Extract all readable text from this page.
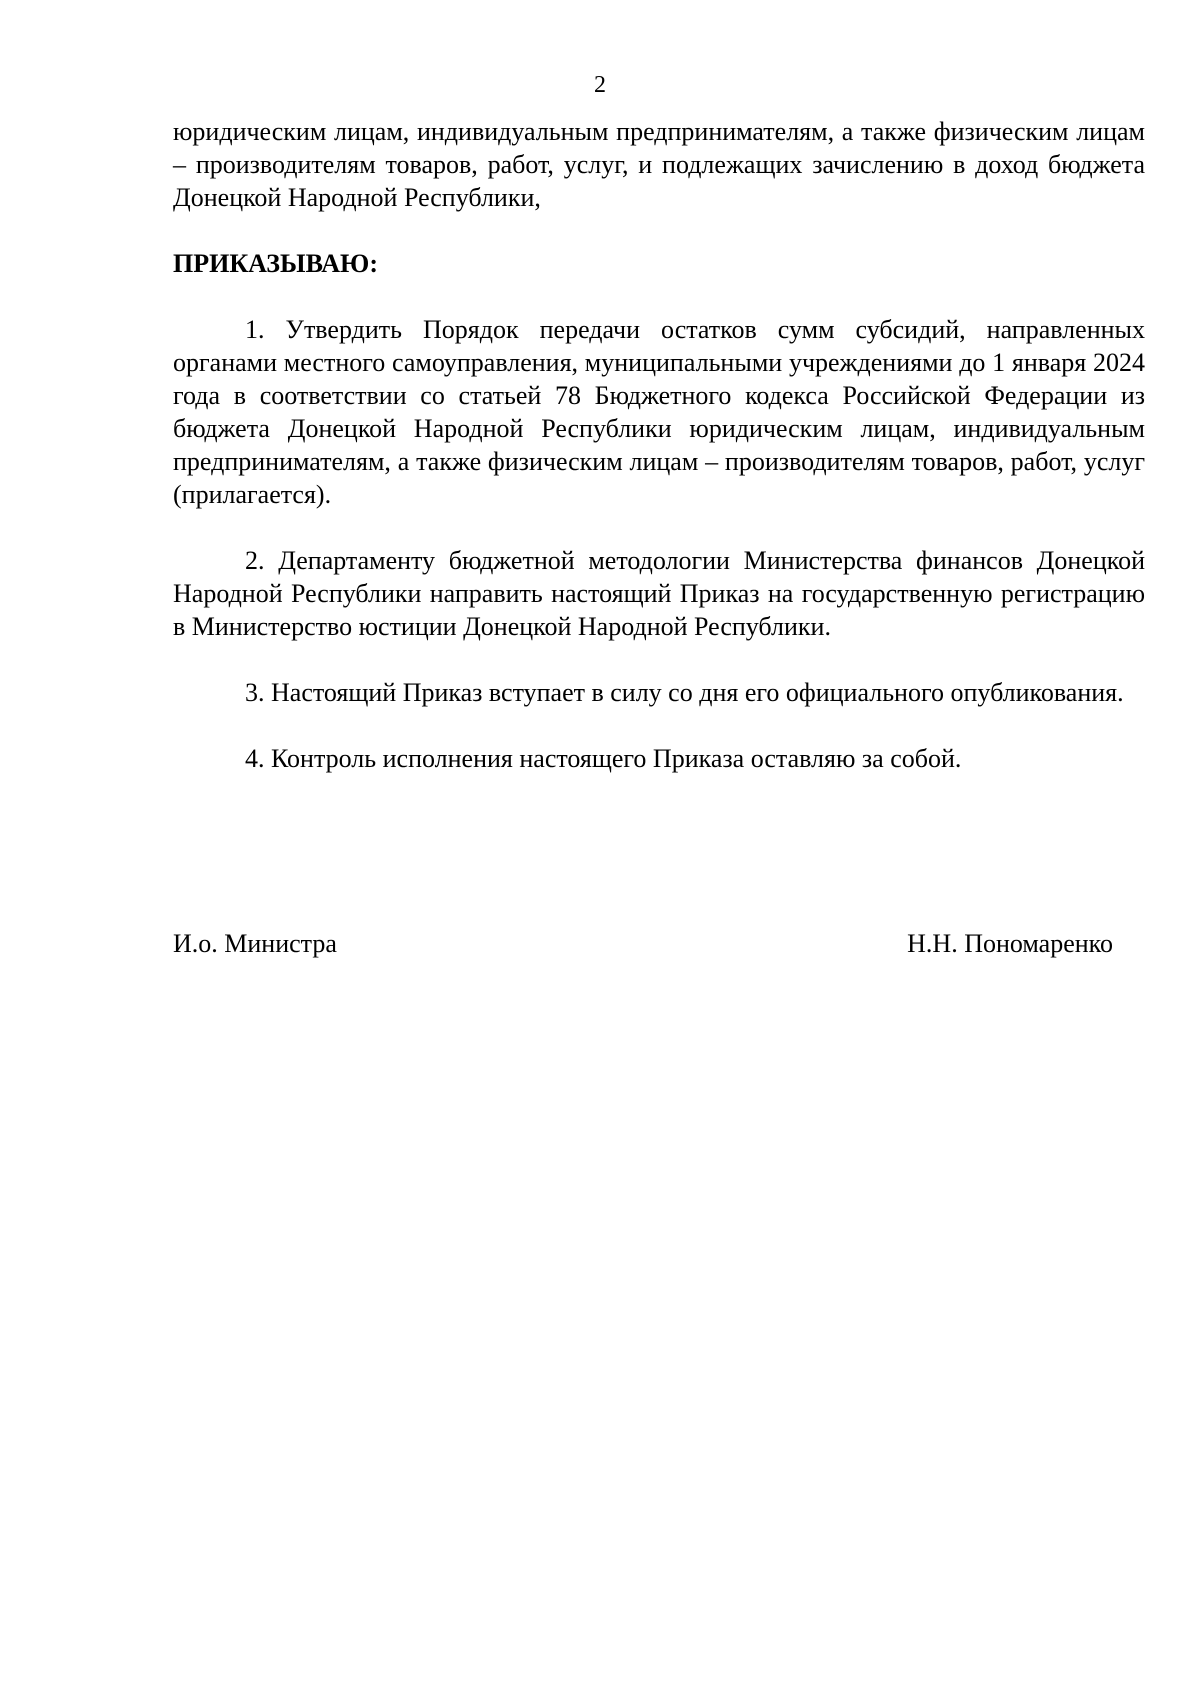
2

юридическим лицам, индивидуальным предпринимателям, а также физическим лицам – производителям товаров, работ, услуг, и подлежащих зачислению в доход бюджета Донецкой Народной Республики,

ПРИКАЗЫВАЮ:

1. Утвердить Порядок передачи остатков сумм субсидий, направленных органами местного самоуправления, муниципальными учреждениями до 1 января 2024 года в соответствии со статьей 78 Бюджетного кодекса Российской Федерации из бюджета Донецкой Народной Республики юридическим лицам, индивидуальным предпринимателям, а также физическим лицам – производителям товаров, работ, услуг (прилагается).

2. Департаменту бюджетной методологии Министерства финансов Донецкой Народной Республики направить настоящий Приказ на государственную регистрацию в Министерство юстиции Донецкой Народной Республики.

3. Настоящий Приказ вступает в силу со дня его официального опубликования.

4. Контроль исполнения настоящего Приказа оставляю за собой.

И.о. Министра	Н.Н. Пономаренко
